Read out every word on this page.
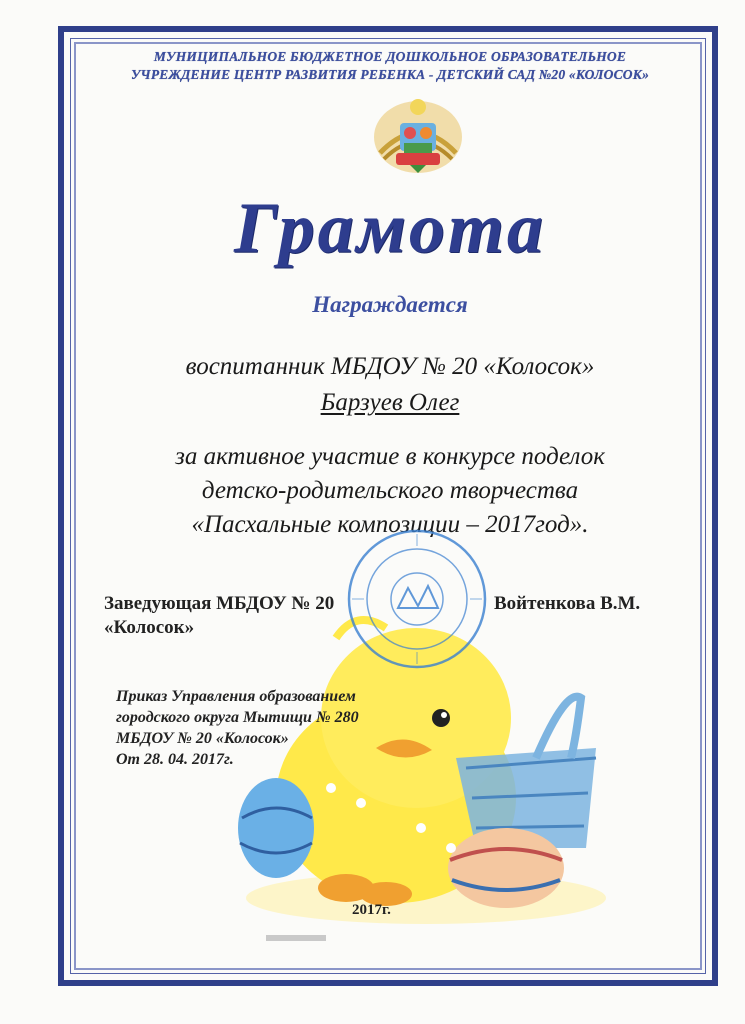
МУНИЦИПАЛЬНОЕ БЮДЖЕТНОЕ ДОШКОЛЬНОЕ ОБРАЗОВАТЕЛЬНОЕ
УЧРЕЖДЕНИЕ ЦЕНТР РАЗВИТИЯ РЕБЕНКА - ДЕТСКИЙ САД №20 «КОЛОСОК»
Грамота
Награждается
воспитанник МБДОУ № 20 «Колосок»
Барзуев Олег
за активное участие в конкурсе поделок
детско-родительского творчества
«Пасхальные композиции – 2017год».
Заведующая МБДОУ № 20
«Колосок»
Войтенкова В.М.
Приказ Управления образованием
городского округа Мытищи № 280
МБДОУ № 20 «Колосок»
От 28. 04. 2017г.
2017г.
